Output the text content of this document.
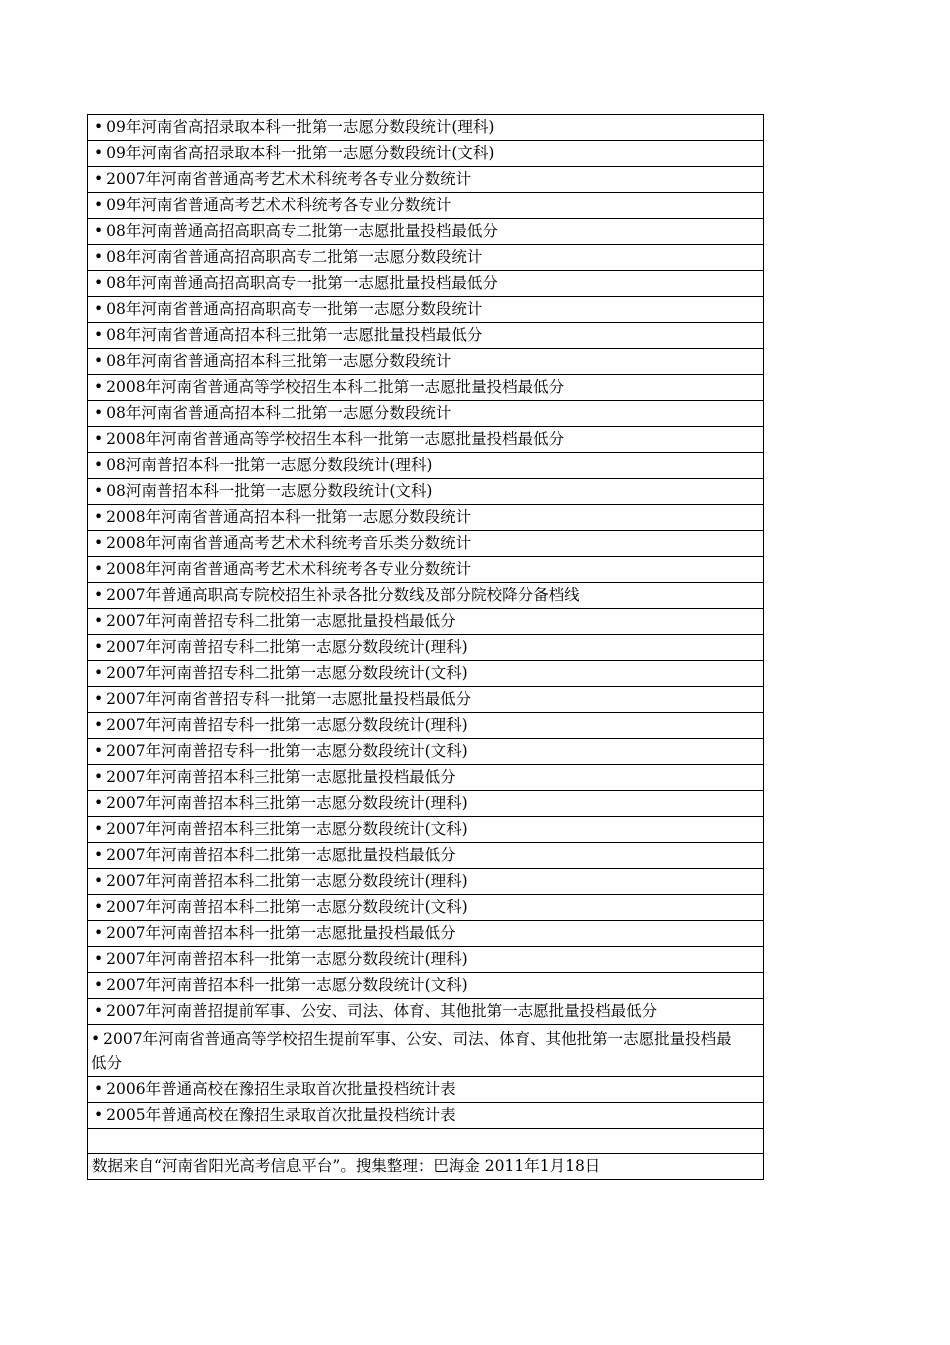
• 09年河南省高招录取本科一批第一志愿分数段统计(理科)
• 09年河南省高招录取本科一批第一志愿分数段统计(文科)
• 2007年河南省普通高考艺术术科统考各专业分数统计
• 09年河南省普通高考艺术术科统考各专业分数统计
• 08年河南普通高招高职高专二批第一志愿批量投档最低分
• 08年河南省普通高招高职高专二批第一志愿分数段统计
• 08年河南普通高招高职高专一批第一志愿批量投档最低分
• 08年河南省普通高招高职高专一批第一志愿分数段统计
• 08年河南省普通高招本科三批第一志愿批量投档最低分
• 08年河南省普通高招本科三批第一志愿分数段统计
• 2008年河南省普通高等学校招生本科二批第一志愿批量投档最低分
• 08年河南省普通高招本科二批第一志愿分数段统计
• 2008年河南省普通高等学校招生本科一批第一志愿批量投档最低分
• 08河南普招本科一批第一志愿分数段统计(理科)
• 08河南普招本科一批第一志愿分数段统计(文科)
• 2008年河南省普通高招本科一批第一志愿分数段统计
• 2008年河南省普通高考艺术术科统考音乐类分数统计
• 2008年河南省普通高考艺术术科统考各专业分数统计
• 2007年普通高职高专院校招生补录各批分数线及部分院校降分备档线
• 2007年河南普招专科二批第一志愿批量投档最低分
• 2007年河南普招专科二批第一志愿分数段统计(理科)
• 2007年河南普招专科二批第一志愿分数段统计(文科)
• 2007年河南省普招专科一批第一志愿批量投档最低分
• 2007年河南普招专科一批第一志愿分数段统计(理科)
• 2007年河南普招专科一批第一志愿分数段统计(文科)
• 2007年河南普招本科三批第一志愿批量投档最低分
• 2007年河南普招本科三批第一志愿分数段统计(理科)
• 2007年河南普招本科三批第一志愿分数段统计(文科)
• 2007年河南普招本科二批第一志愿批量投档最低分
• 2007年河南普招本科二批第一志愿分数段统计(理科)
• 2007年河南普招本科二批第一志愿分数段统计(文科)
• 2007年河南普招本科一批第一志愿批量投档最低分
• 2007年河南普招本科一批第一志愿分数段统计(理科)
• 2007年河南普招本科一批第一志愿分数段统计(文科)
• 2007年河南普招提前军事、公安、司法、体育、其他批第一志愿批量投档最低分
• 2007年河南省普通高等学校招生提前军事、公安、司法、体育、其他批第一志愿批量投档最低分
• 2006年普通高校在豫招生录取首次批量投档统计表
• 2005年普通高校在豫招生录取首次批量投档统计表

数据来自“河南省阳光高考信息平台”。搜集整理：巴海金 2011年1月18日
